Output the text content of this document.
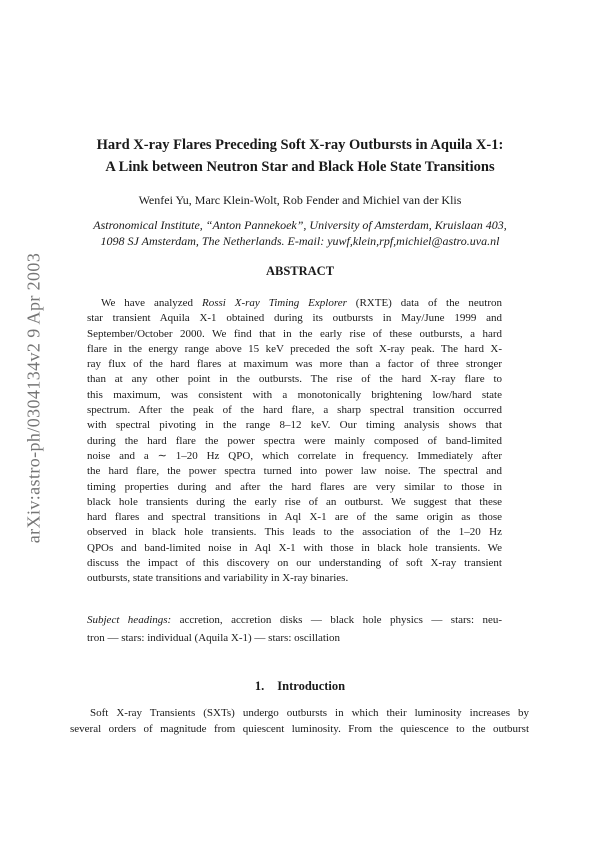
arXiv:astro-ph/0304134v2 9 Apr 2003
Hard X-ray Flares Preceding Soft X-ray Outbursts in Aquila X-1:
A Link between Neutron Star and Black Hole State Transitions
Wenfei Yu, Marc Klein-Wolt, Rob Fender and Michiel van der Klis
Astronomical Institute, “Anton Pannekoek”, University of Amsterdam, Kruislaan 403,
1098 SJ Amsterdam, The Netherlands. E-mail: yuwf,klein,rpf,michiel@astro.uva.nl
ABSTRACT
We have analyzed Rossi X-ray Timing Explorer (RXTE) data of the neutron
star transient Aquila X-1 obtained during its outbursts in May/June 1999 and
September/October 2000. We find that in the early rise of these outbursts, a hard
flare in the energy range above 15 keV preceded the soft X-ray peak. The hard X-
ray flux of the hard flares at maximum was more than a factor of three stronger
than at any other point in the outbursts. The rise of the hard X-ray flare to
this maximum, was consistent with a monotonically brightening low/hard state
spectrum. After the peak of the hard flare, a sharp spectral transition occurred
with spectral pivoting in the range 8–12 keV. Our timing analysis shows that
during the hard flare the power spectra were mainly composed of band-limited
noise and a ∼ 1–20 Hz QPO, which correlate in frequency. Immediately after
the hard flare, the power spectra turned into power law noise. The spectral and
timing properties during and after the hard flares are very similar to those in
black hole transients during the early rise of an outburst. We suggest that these
hard flares and spectral transitions in Aql X-1 are of the same origin as those
observed in black hole transients. This leads to the association of the 1–20 Hz
QPOs and band-limited noise in Aql X-1 with those in black hole transients. We
discuss the impact of this discovery on our understanding of soft X-ray transient
outbursts, state transitions and variability in X-ray binaries.
Subject headings: accretion, accretion disks — black hole physics — stars: neu-
tron — stars: individual (Aquila X-1) — stars: oscillation
1. Introduction
Soft X-ray Transients (SXTs) undergo outbursts in which their luminosity increases by
several orders of magnitude from quiescent luminosity. From the quiescence to the outburst
